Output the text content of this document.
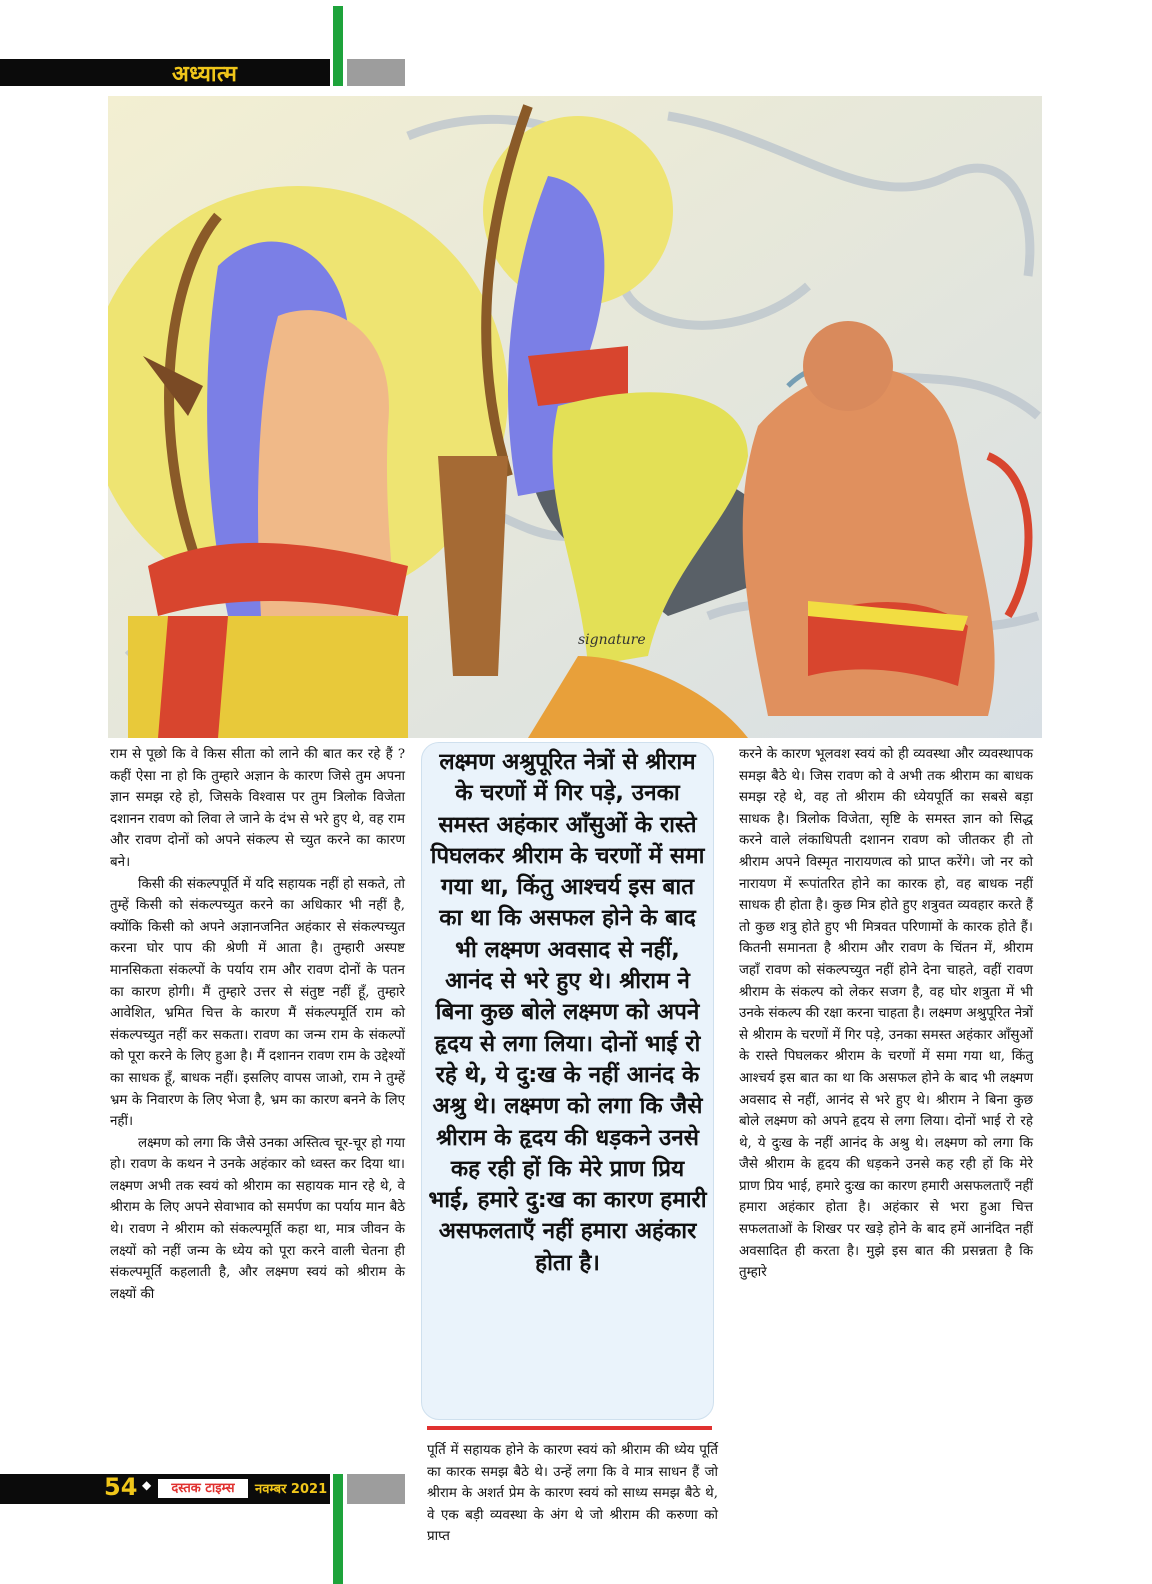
अध्यात्म
signature

राम से पूछो कि वे किस सीता को लाने की बात कर रहे हैं ? कहीं ऐसा ना हो कि तुम्हारे अज्ञान के कारण जिसे तुम अपना ज्ञान समझ रहे हो, जिसके विश्वास पर तुम त्रिलोक विजेता दशानन रावण को लिवा ले जाने के दंभ से भरे हुए थे, वह राम और रावण दोनों को अपने संकल्प से च्युत करने का कारण बने।

किसी की संकल्पपूर्ति में यदि सहायक नहीं हो सकते, तो तुम्हें किसी को संकल्पच्युत करने का अधिकार भी नहीं है, क्योंकि किसी को अपने अज्ञानजनित अहंकार से संकल्पच्युत करना घोर पाप की श्रेणी में आता है। तुम्हारी अस्पष्ट मानसिकता संकल्पों के पर्याय राम और रावण दोनों के पतन का कारण होगी। मैं तुम्हारे उत्तर से संतुष्ट नहीं हूँ, तुम्हारे आवेशित, भ्रमित चित्त के कारण मैं संकल्पमूर्ति राम को संकल्पच्युत नहीं कर सकता। रावण का जन्म राम के संकल्पों को पूरा करने के लिए हुआ है। मैं दशानन रावण राम के उद्देश्यों का साधक हूँ, बाधक नहीं। इसलिए वापस जाओ, राम ने तुम्हें भ्रम के निवारण के लिए भेजा है, भ्रम का कारण बनने के लिए नहीं।

लक्ष्मण को लगा कि जैसे उनका अस्तित्व चूर-चूर हो गया हो। रावण के कथन ने उनके अहंकार को ध्वस्त कर दिया था। लक्ष्मण अभी तक स्वयं को श्रीराम का सहायक मान रहे थे, वे श्रीराम के लिए अपने सेवाभाव को समर्पण का पर्याय मान बैठे थे। रावण ने श्रीराम को संकल्पमूर्ति कहा था, मात्र जीवन के लक्ष्यों को नहीं जन्म के ध्येय को पूरा करने वाली चेतना ही संकल्पमूर्ति कहलाती है, और लक्ष्मण स्वयं को श्रीराम के लक्ष्यों की

लक्ष्मण अश्रुपूरित नेत्रों से श्रीराम के चरणों में गिर पड़े, उनका समस्त अहंकार आँसुओं के रास्ते पिघलकर श्रीराम के चरणों में समा गया था, किंतु आश्चर्य इस बात का था कि असफल होने के बाद भी लक्ष्मण अवसाद से नहीं, आनंद से भरे हुए थे। श्रीराम ने बिना कुछ बोले लक्ष्मण को अपने हृदय से लगा लिया। दोनों भाई रो रहे थे, ये दु:ख के नहीं आनंद के अश्रु थे। लक्ष्मण को लगा कि जैसे श्रीराम के हृदय की धड़कने उनसे कह रही हों कि मेरे प्राण प्रिय भाई, हमारे दु:ख का कारण हमारी असफलताएँ नहीं हमारा अहंकार होता है।

पूर्ति में सहायक होने के कारण स्वयं को श्रीराम की ध्येय पूर्ति का कारक समझ बैठे थे। उन्हें लगा कि वे मात्र साधन हैं जो श्रीराम के अशर्त प्रेम के कारण स्वयं को साध्य समझ बैठे थे, वे एक बड़ी व्यवस्था के अंग थे जो श्रीराम की करुणा को प्राप्त

करने के कारण भूलवश स्वयं को ही व्यवस्था और व्यवस्थापक समझ बैठे थे। जिस रावण को वे अभी तक श्रीराम का बाधक समझ रहे थे, वह तो श्रीराम की ध्येयपूर्ति का सबसे बड़ा साधक है। त्रिलोक विजेता, सृष्टि के समस्त ज्ञान को सिद्ध करने वाले लंकाधिपती दशानन रावण को जीतकर ही तो श्रीराम अपने विस्मृत नारायणत्व को प्राप्त करेंगे। जो नर को नारायण में रूपांतरित होने का कारक हो, वह बाधक नहीं साधक ही होता है। कुछ मित्र होते हुए शत्रुवत व्यवहार करते हैं तो कुछ शत्रु होते हुए भी मित्रवत परिणामों के कारक होते हैं। कितनी समानता है श्रीराम और रावण के चिंतन में, श्रीराम जहाँ रावण को संकल्पच्युत नहीं होने देना चाहते, वहीं रावण श्रीराम के संकल्प को लेकर सजग है, वह घोर शत्रुता में भी उनके संकल्प की रक्षा करना चाहता है। लक्ष्मण अश्रुपूरित नेत्रों से श्रीराम के चरणों में गिर पड़े, उनका समस्त अहंकार आँसुओं के रास्ते पिघलकर श्रीराम के चरणों में समा गया था, किंतु आश्चर्य इस बात का था कि असफल होने के बाद भी लक्ष्मण अवसाद से नहीं, आनंद से भरे हुए थे। श्रीराम ने बिना कुछ बोले लक्ष्मण को अपने हृदय से लगा लिया। दोनों भाई रो रहे थे, ये दुःख के नहीं आनंद के अश्रु थे। लक्ष्मण को लगा कि जैसे श्रीराम के हृदय की धड़कने उनसे कह रही हों कि मेरे प्राण प्रिय भाई, हमारे दुःख का कारण हमारी असफलताएँ नहीं हमारा अहंकार होता है। अहंकार से भरा हुआ चित्त सफलताओं के शिखर पर खड़े होने के बाद हमें आनंदित नहीं अवसादित ही करता है। मुझे इस बात की प्रसन्नता है कि तुम्हारे

54 ◆	दस्तक टाइम्स	नवम्बर 2021
